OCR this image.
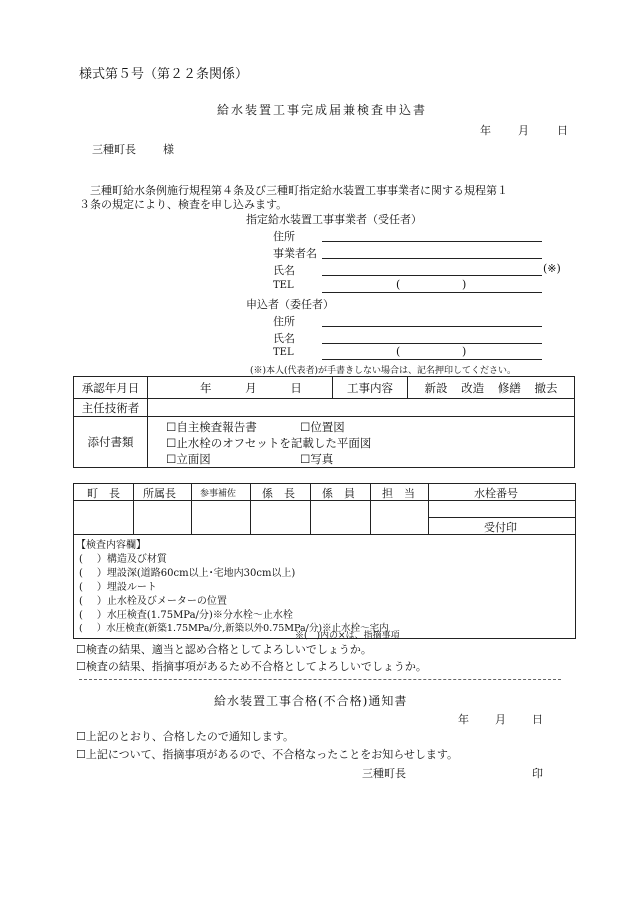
様式第５号（第２２条関係）
給水装置工事完成届兼検査申込書
年 月	日
三種町長 様
三種町給水条例施行規程第４条及び三種町指定給水装置工事事業者に関する規程第１
３条の規定により、検査を申し込みます。
指定給水装置工事事業者（受任者）
住所
事業者名
氏名	(※)
TEL	(	)
申込者（委任者）
住所
氏名
TEL	(	)
(※)本人(代表者)が手書きしない場合は、記名押印してください。
承認年月日	年 月 日	工事内容	新設 改造 修繕 撤去
主任技術者			
添付書類	☐ 自主検査報告書 ☐ 位置図
☐ 止水栓のオフセットを記載した平面図
☐ 立面図 ☐ 写真
町　長 所属長	参事補佐 係　長 係　員 担　当	水栓番号
受付印
【検査内容欄】
( ）構造及び材質
( ）埋設深(道路60cm以上･宅地内30cm以上)
( ）埋設ルート
( ）止水栓及びメーターの位置
( ）水圧検査(1.75MPa/分)※分水栓～止水栓
( ）水圧検査(新築1.75MPa/分,新築以外0.75MPa/分)※止水栓～宅内
※(　)内の×は、指摘事項
☐ 検査の結果、適当と認め合格としてよろしいでしょうか。
☐ 検査の結果、指摘事項があるため不合格としてよろしいでしょうか。
給水装置工事合格(不合格)通知書
年 月 日
☐ 上記のとおり、合格したので通知します。
☐ 上記について、指摘事項があるので、不合格なったことをお知らせします。
三種町長	印
